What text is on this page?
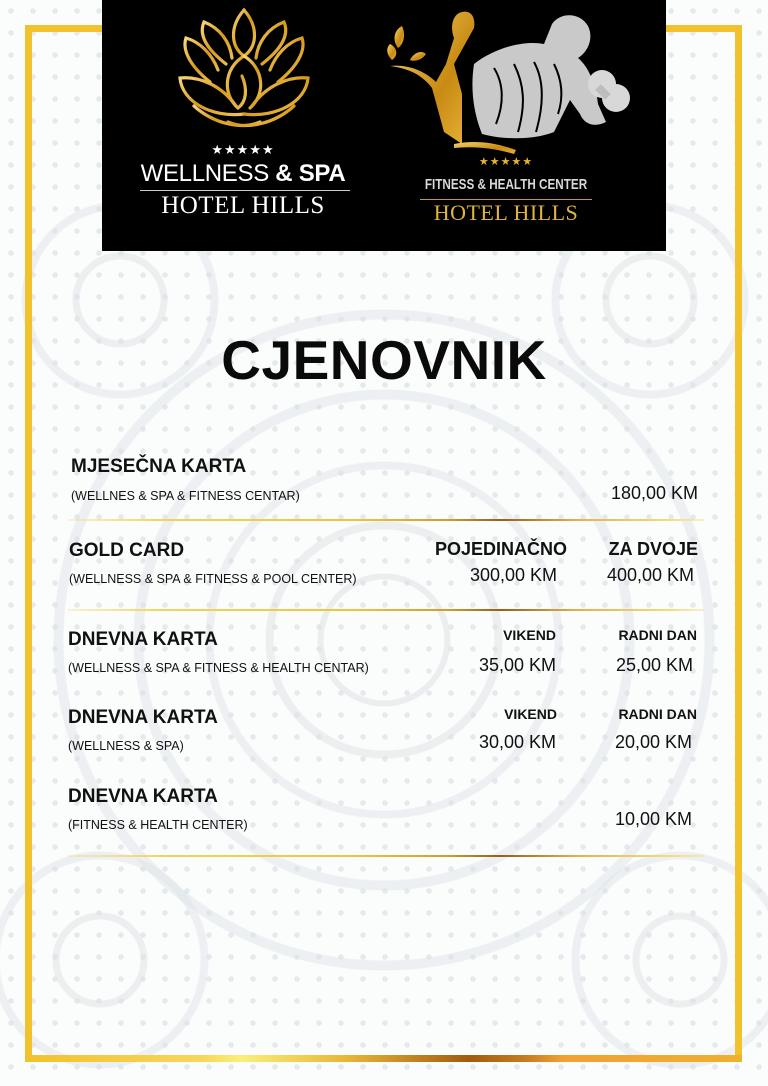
★★★★★
WELLNESS & SPA
HOTEL HILLS
★★★★★
FITNESS & HEALTH CENTER
HOTEL HILLS
CJENOVNIK
MJESEČNA KARTA
(WELLNES & SPA & FITNESS CENTAR)	180,00 KM
GOLD CARD
(WELLNESS & SPA & FITNESS & POOL CENTER)
POJEDINAČNO ZA DVOJE
300,00 KM	400,00 KM
DNEVNA KARTA
(WELLNESS & SPA & FITNESS & HEALTH CENTAR)
VIKEND	RADNI DAN
35,00 KM	25,00 KM
DNEVNA KARTA
(WELLNESS & SPA)
VIKEND	RADNI DAN
30,00 KM	20,00 KM
DNEVNA KARTA
(FITNESS & HEALTH CENTER)	10,00 KM
